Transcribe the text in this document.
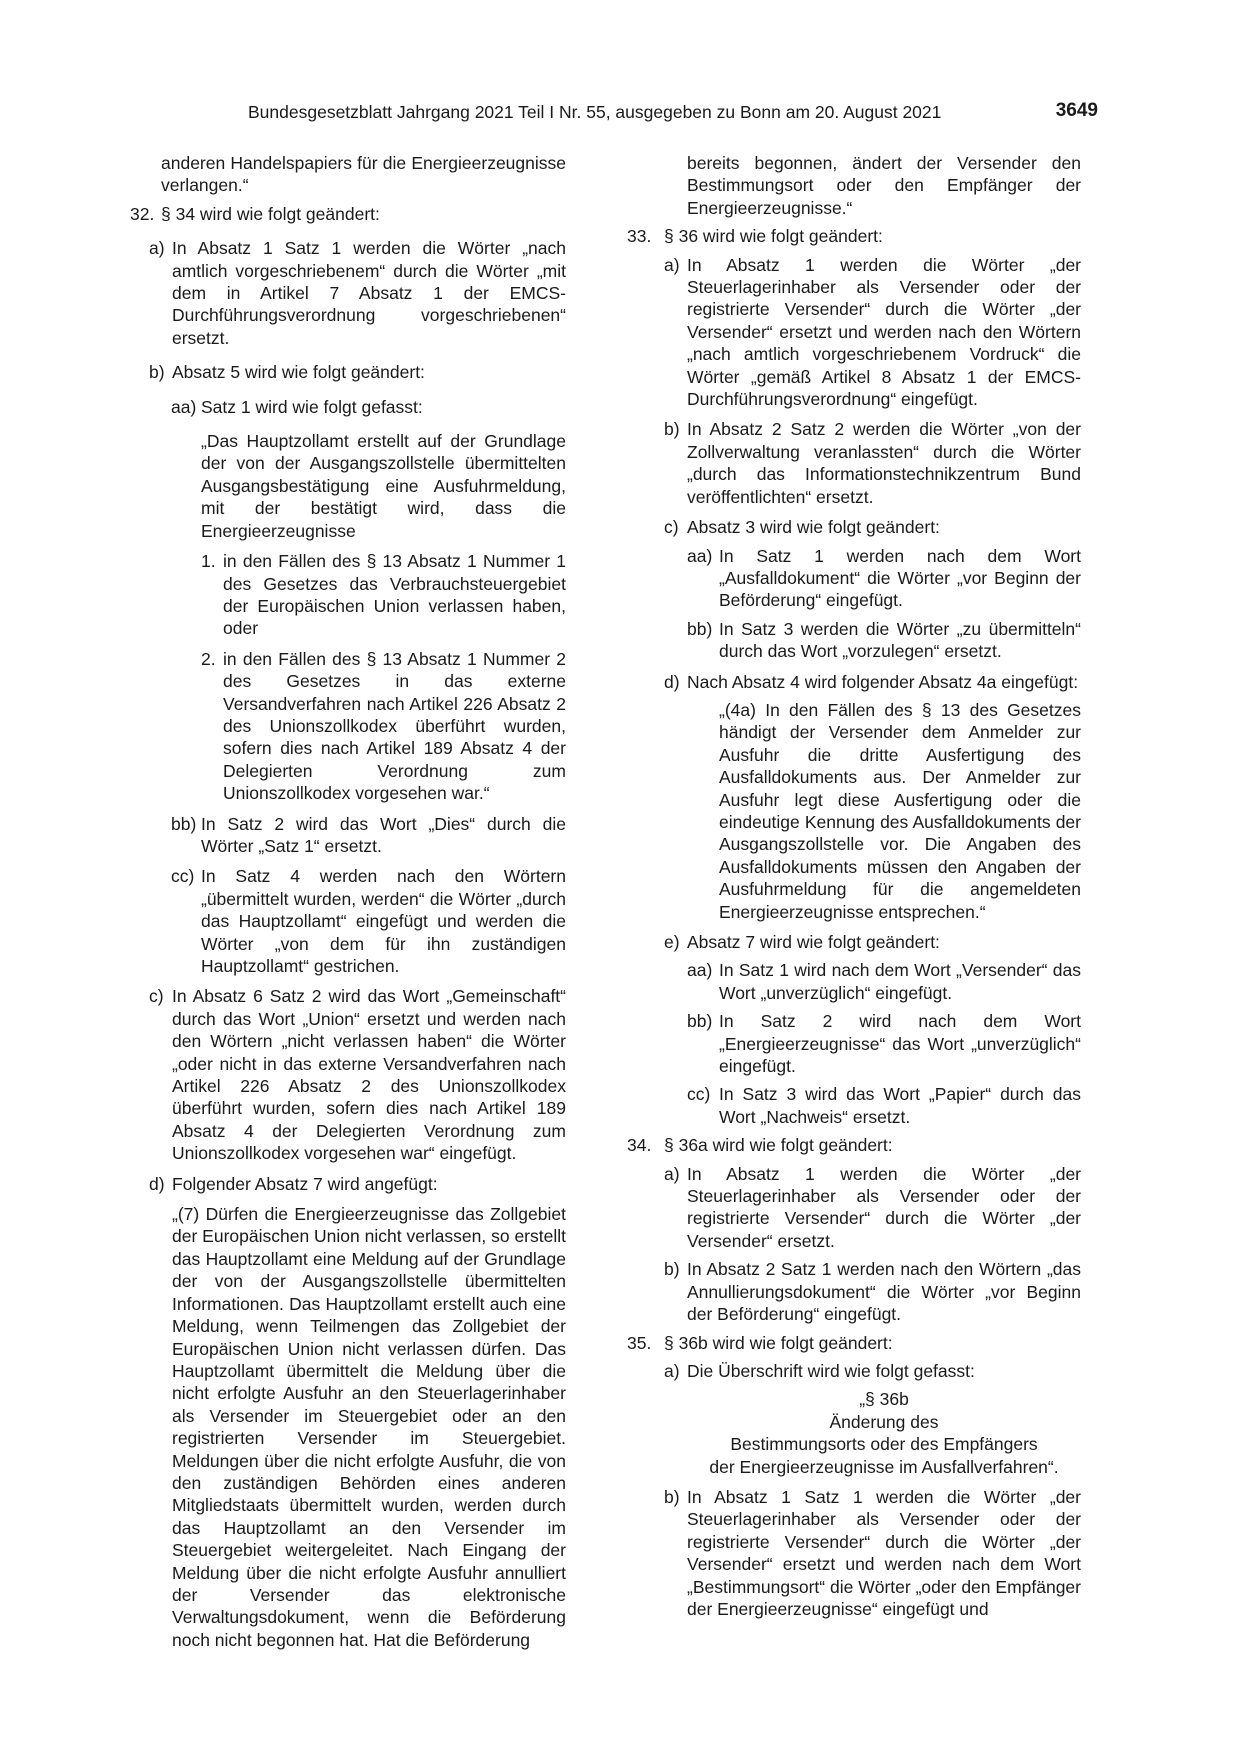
Bundesgesetzblatt Jahrgang 2021 Teil I Nr. 55, ausgegeben zu Bonn am 20. August 2021	3649
anderen Handelspapiers für die Energieerzeugnisse verlangen.“
32. § 34 wird wie folgt geändert:
a) In Absatz 1 Satz 1 werden die Wörter „nach amtlich vorgeschriebenem“ durch die Wörter „mit dem in Artikel 7 Absatz 1 der EMCS-Durchführungsverordnung vorgeschriebenen“ ersetzt.
b) Absatz 5 wird wie folgt geändert:
aa) Satz 1 wird wie folgt gefasst:
„Das Hauptzollamt erstellt auf der Grundlage der von der Ausgangszollstelle übermittelten Ausgangsbestätigung eine Ausfuhrmeldung, mit der bestätigt wird, dass die Energieerzeugnisse
1. in den Fällen des § 13 Absatz 1 Nummer 1 des Gesetzes das Verbrauchsteuergebiet der Europäischen Union verlassen haben, oder
2. in den Fällen des § 13 Absatz 1 Nummer 2 des Gesetzes in das externe Versandverfahren nach Artikel 226 Absatz 2 des Unionszollkodex überführt wurden, sofern dies nach Artikel 189 Absatz 4 der Delegierten Verordnung zum Unionszollkodex vorgesehen war.“
bb) In Satz 2 wird das Wort „Dies“ durch die Wörter „Satz 1“ ersetzt.
cc) In Satz 4 werden nach den Wörtern „übermittelt wurden, werden“ die Wörter „durch das Hauptzollamt“ eingefügt und werden die Wörter „von dem für ihn zuständigen Hauptzollamt“ gestrichen.
c) In Absatz 6 Satz 2 wird das Wort „Gemeinschaft“ durch das Wort „Union“ ersetzt und werden nach den Wörtern „nicht verlassen haben“ die Wörter „oder nicht in das externe Versandverfahren nach Artikel 226 Absatz 2 des Unionszollkodex überführt wurden, sofern dies nach Artikel 189 Absatz 4 der Delegierten Verordnung zum Unionszollkodex vorgesehen war“ eingefügt.
d) Folgender Absatz 7 wird angefügt:
„(7) Dürfen die Energieerzeugnisse das Zollgebiet der Europäischen Union nicht verlassen, so erstellt das Hauptzollamt eine Meldung auf der Grundlage der von der Ausgangszollstelle übermittelten Informationen. Das Hauptzollamt erstellt auch eine Meldung, wenn Teilmengen das Zollgebiet der Europäischen Union nicht verlassen dürfen. Das Hauptzollamt übermittelt die Meldung über die nicht erfolgte Ausfuhr an den Steuerlagerinhaber als Versender im Steuergebiet oder an den registrierten Versender im Steuergebiet. Meldungen über die nicht erfolgte Ausfuhr, die von den zuständigen Behörden eines anderen Mitgliedstaats übermittelt wurden, werden durch das Hauptzollamt an den Versender im Steuergebiet weitergeleitet. Nach Eingang der Meldung über die nicht erfolgte Ausfuhr annulliert der Versender das elektronische Verwaltungsdokument, wenn die Beförderung noch nicht begonnen hat. Hat die Beförderung
bereits begonnen, ändert der Versender den Bestimmungsort oder den Empfänger der Energieerzeugnisse.“
33. § 36 wird wie folgt geändert:
a) In Absatz 1 werden die Wörter „der Steuerlagerinhaber als Versender oder der registrierte Versender“ durch die Wörter „der Versender“ ersetzt und werden nach den Wörtern „nach amtlich vorgeschriebenem Vordruck“ die Wörter „gemäß Artikel 8 Absatz 1 der EMCS-Durchführungsverordnung“ eingefügt.
b) In Absatz 2 Satz 2 werden die Wörter „von der Zollverwaltung veranlassten“ durch die Wörter „durch das Informationstechnikzentrum Bund veröffentlichten“ ersetzt.
c) Absatz 3 wird wie folgt geändert:
aa) In Satz 1 werden nach dem Wort „Ausfalldokument“ die Wörter „vor Beginn der Beförderung“ eingefügt.
bb) In Satz 3 werden die Wörter „zu übermitteln“ durch das Wort „vorzulegen“ ersetzt.
d) Nach Absatz 4 wird folgender Absatz 4a eingefügt:
„(4a) In den Fällen des § 13 des Gesetzes händigt der Versender dem Anmelder zur Ausfuhr die dritte Ausfertigung des Ausfalldokuments aus. Der Anmelder zur Ausfuhr legt diese Ausfertigung oder die eindeutige Kennung des Ausfalldokuments der Ausgangszollstelle vor. Die Angaben des Ausfalldokuments müssen den Angaben der Ausfuhrmeldung für die angemeldeten Energieerzeugnisse entsprechen.“
e) Absatz 7 wird wie folgt geändert:
aa) In Satz 1 wird nach dem Wort „Versender“ das Wort „unverzüglich“ eingefügt.
bb) In Satz 2 wird nach dem Wort „Energieerzeugnisse“ das Wort „unverzüglich“ eingefügt.
cc) In Satz 3 wird das Wort „Papier“ durch das Wort „Nachweis“ ersetzt.
34. § 36a wird wie folgt geändert:
a) In Absatz 1 werden die Wörter „der Steuerlagerinhaber als Versender oder der registrierte Versender“ durch die Wörter „der Versender“ ersetzt.
b) In Absatz 2 Satz 1 werden nach den Wörtern „das Annullierungsdokument“ die Wörter „vor Beginn der Beförderung“ eingefügt.
35. § 36b wird wie folgt geändert:
a) Die Überschrift wird wie folgt gefasst:
„§ 36b
Änderung des
Bestimmungsorts oder des Empfängers
der Energieerzeugnisse im Ausfallverfahren“.
b) In Absatz 1 Satz 1 werden die Wörter „der Steuerlagerinhaber als Versender oder der registrierte Versender“ durch die Wörter „der Versender“ ersetzt und werden nach dem Wort „Bestimmungsort“ die Wörter „oder den Empfänger der Energieerzeugnisse“ eingefügt und
